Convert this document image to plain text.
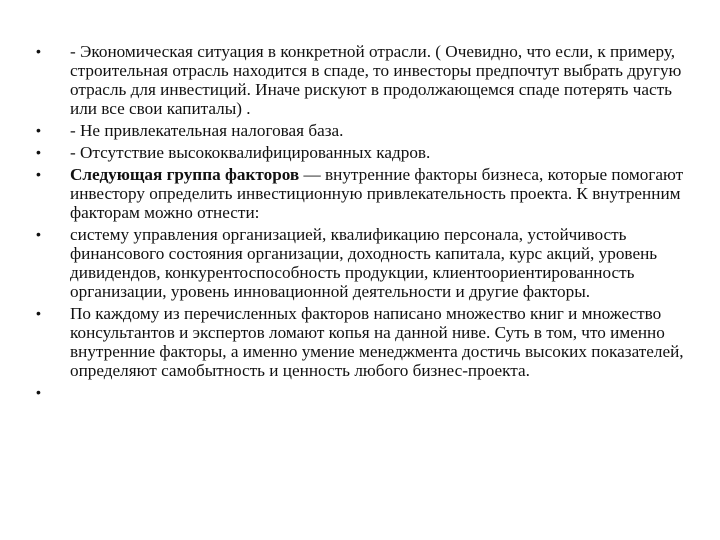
• - Экономическая ситуация в конкретной отрасли. ( Очевидно, что если, к примеру, строительная отрасль находится в спаде, то инвесторы предпочтут выбрать другую отрасль для инвестиций. Иначе рискуют в продолжающемся спаде потерять часть или все свои капиталы) .
• - Не привлекательная налоговая база.
• - Отсутствие высококвалифицированных кадров.
• Следующая группа факторов — внутренние факторы бизнеса, которые помогают инвестору определить инвестиционную привлекательность проекта. К внутренним факторам можно отнести:
• систему управления организацией, квалификацию персонала, устойчивость финансового состояния организации, доходность капитала, курс акций, уровень дивидендов, конкурентоспособность продукции, клиентоориентированность организации, уровень инновационной деятельности и другие факторы.
• По каждому из перечисленных факторов написано множество книг и множество консультантов и экспертов ломают копья на данной ниве. Суть в том, что именно внутренние факторы, а именно умение менеджмента достичь высоких показателей, определяют самобытность и ценность любого бизнес-проекта.
•
